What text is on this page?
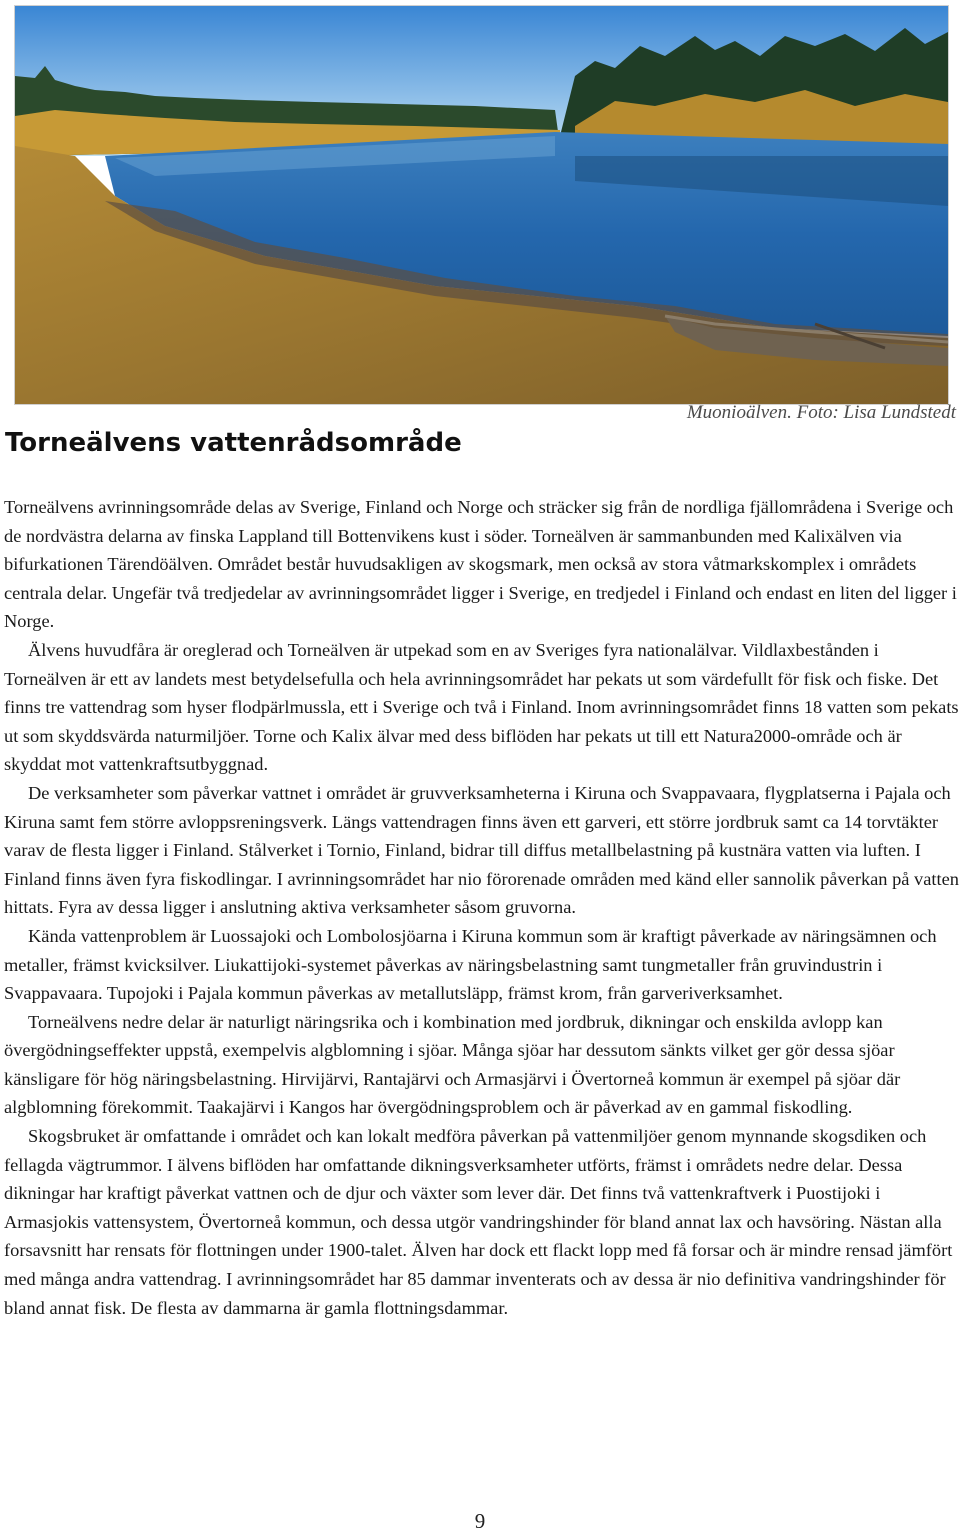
Muonioälven. Foto: Lisa Lundstedt
Torneälvens vattenrådsområde

Torneälvens avrinningsområde delas av Sverige, Finland och Norge och sträcker sig från de nordliga fjällområdena i Sverige och de nordvästra delarna av finska Lappland till Bottenvikens kust i söder. Torneälven är sammanbunden med Kalixälven via bifurkationen Tärendöälven. Området består huvudsakligen av skogsmark, men också av stora våtmarkskomplex i områdets centrala delar. Ungefär två tredjedelar av avrinningsområdet ligger i Sverige, en tredjedel i Finland och endast en liten del ligger i Norge.

Älvens huvudfåra är oreglerad och Torneälven är utpekad som en av Sveriges fyra nationalälvar. Vildlaxbestånden i Torneälven är ett av landets mest betydelsefulla och hela avrinningsområdet har pekats ut som värdefullt för fisk och fiske. Det finns tre vattendrag som hyser flodpärlmussla, ett i Sverige och två i Finland. Inom avrinningsområdet finns 18 vatten som pekats ut som skyddsvärda naturmiljöer. Torne och Kalix älvar med dess biflöden har pekats ut till ett Natura2000-område och är skyddat mot vattenkraftsutbyggnad.

De verksamheter som påverkar vattnet i området är gruvverksamheterna i Kiruna och Svappavaara, flygplatserna i Pajala och Kiruna samt fem större avloppsreningsverk. Längs vattendragen finns även ett garveri, ett större jordbruk samt ca 14 torvtäkter varav de flesta ligger i Finland. Stålverket i Tornio, Finland, bidrar till diffus metallbelastning på kustnära vatten via luften. I Finland finns även fyra fiskodlingar. I avrinningsområdet har nio förorenade områden med känd eller sannolik påverkan på vatten hittats. Fyra av dessa ligger i anslutning aktiva verksamheter såsom gruvorna.

Kända vattenproblem är Luossajoki och Lombolosjöarna i Kiruna kommun som är kraftigt påverkade av näringsämnen och metaller, främst kvicksilver. Liukattijoki-systemet påverkas av näringsbelastning samt tungmetaller från gruvindustrin i Svappavaara. Tupojoki i Pajala kommun påverkas av metallutsläpp, främst krom, från garveriverksamhet.

Torneälvens nedre delar är naturligt näringsrika och i kombination med jordbruk, dikningar och enskilda avlopp kan övergödningseffekter uppstå, exempelvis algblomning i sjöar. Många sjöar har dessutom sänkts vilket ger gör dessa sjöar känsligare för hög näringsbelastning. Hirvijärvi, Rantajärvi och Armasjärvi i Övertorneå kommun är exempel på sjöar där algblomning förekommit. Taakajärvi i Kangos har övergödningsproblem och är påverkad av en gammal fiskodling.

Skogsbruket är omfattande i området och kan lokalt medföra påverkan på vattenmiljöer genom mynnande skogsdiken och fellagda vägtrummor. I älvens biflöden har omfattande dikningsverksamheter utförts, främst i områdets nedre delar. Dessa dikningar har kraftigt påverkat vattnen och de djur och växter som lever där. Det finns två vattenkraftverk i Puostijoki i Armasjokis vattensystem, Övertorneå kommun, och dessa utgör vandringshinder för bland annat lax och havsöring. Nästan alla forsavsnitt har rensats för flottningen under 1900-talet. Älven har dock ett flackt lopp med få forsar och är mindre rensad jämfört med många andra vattendrag. I avrinningsområdet har 85 dammar inventerats och av dessa är nio definitiva vandringshinder för bland annat fisk. De flesta av dammarna är gamla flottningsdammar.

9
